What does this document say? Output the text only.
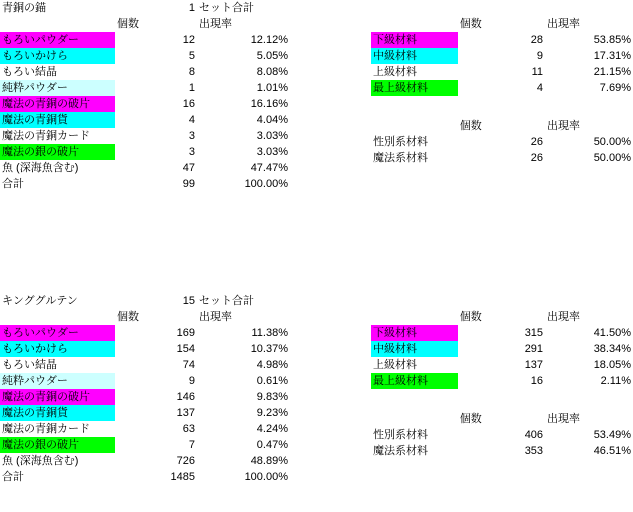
青銅の錨	1	セット合計	
	個数	出現率	
もろいパウダー	12	12.12%	
もろいかけら	5	5.05%	
もろい結晶	8	8.08%	
純粋パウダー	1	1.01%	
魔法の青銅の破片	16	16.16%	
魔法の青銅貨	4	4.04%	
魔法の青銅カード	3	3.03%	
魔法の銀の破片	3	3.03%	
魚 (深海魚含む)	47	47.47%	
合計	99	100.00%	

	個数	出現率
下級材料	28	53.85%
中級材料	9	17.31%
上級材料	11	21.15%
最上級材料	4	7.69%
	個数	出現率
性別系材料	26	50.00%
魔法系材料	26	50.00%
キンググルテン	15	セット合計	
	個数	出現率	
もろいパウダー	169	11.38%	
もろいかけら	154	10.37%	
もろい結晶	74	4.98%	
純粋パウダー	9	0.61%	
魔法の青銅の破片	146	9.83%	
魔法の青銅貨	137	9.23%	
魔法の青銅カード	63	4.24%	
魔法の銀の破片	7	0.47%	
魚 (深海魚含む)	726	48.89%	
合計	1485	100.00%	

	個数	出現率
下級材料	315	41.50%
中級材料	291	38.34%
上級材料	137	18.05%
最上級材料	16	2.11%
	個数	出現率
性別系材料	406	53.49%
魔法系材料	353	46.51%
